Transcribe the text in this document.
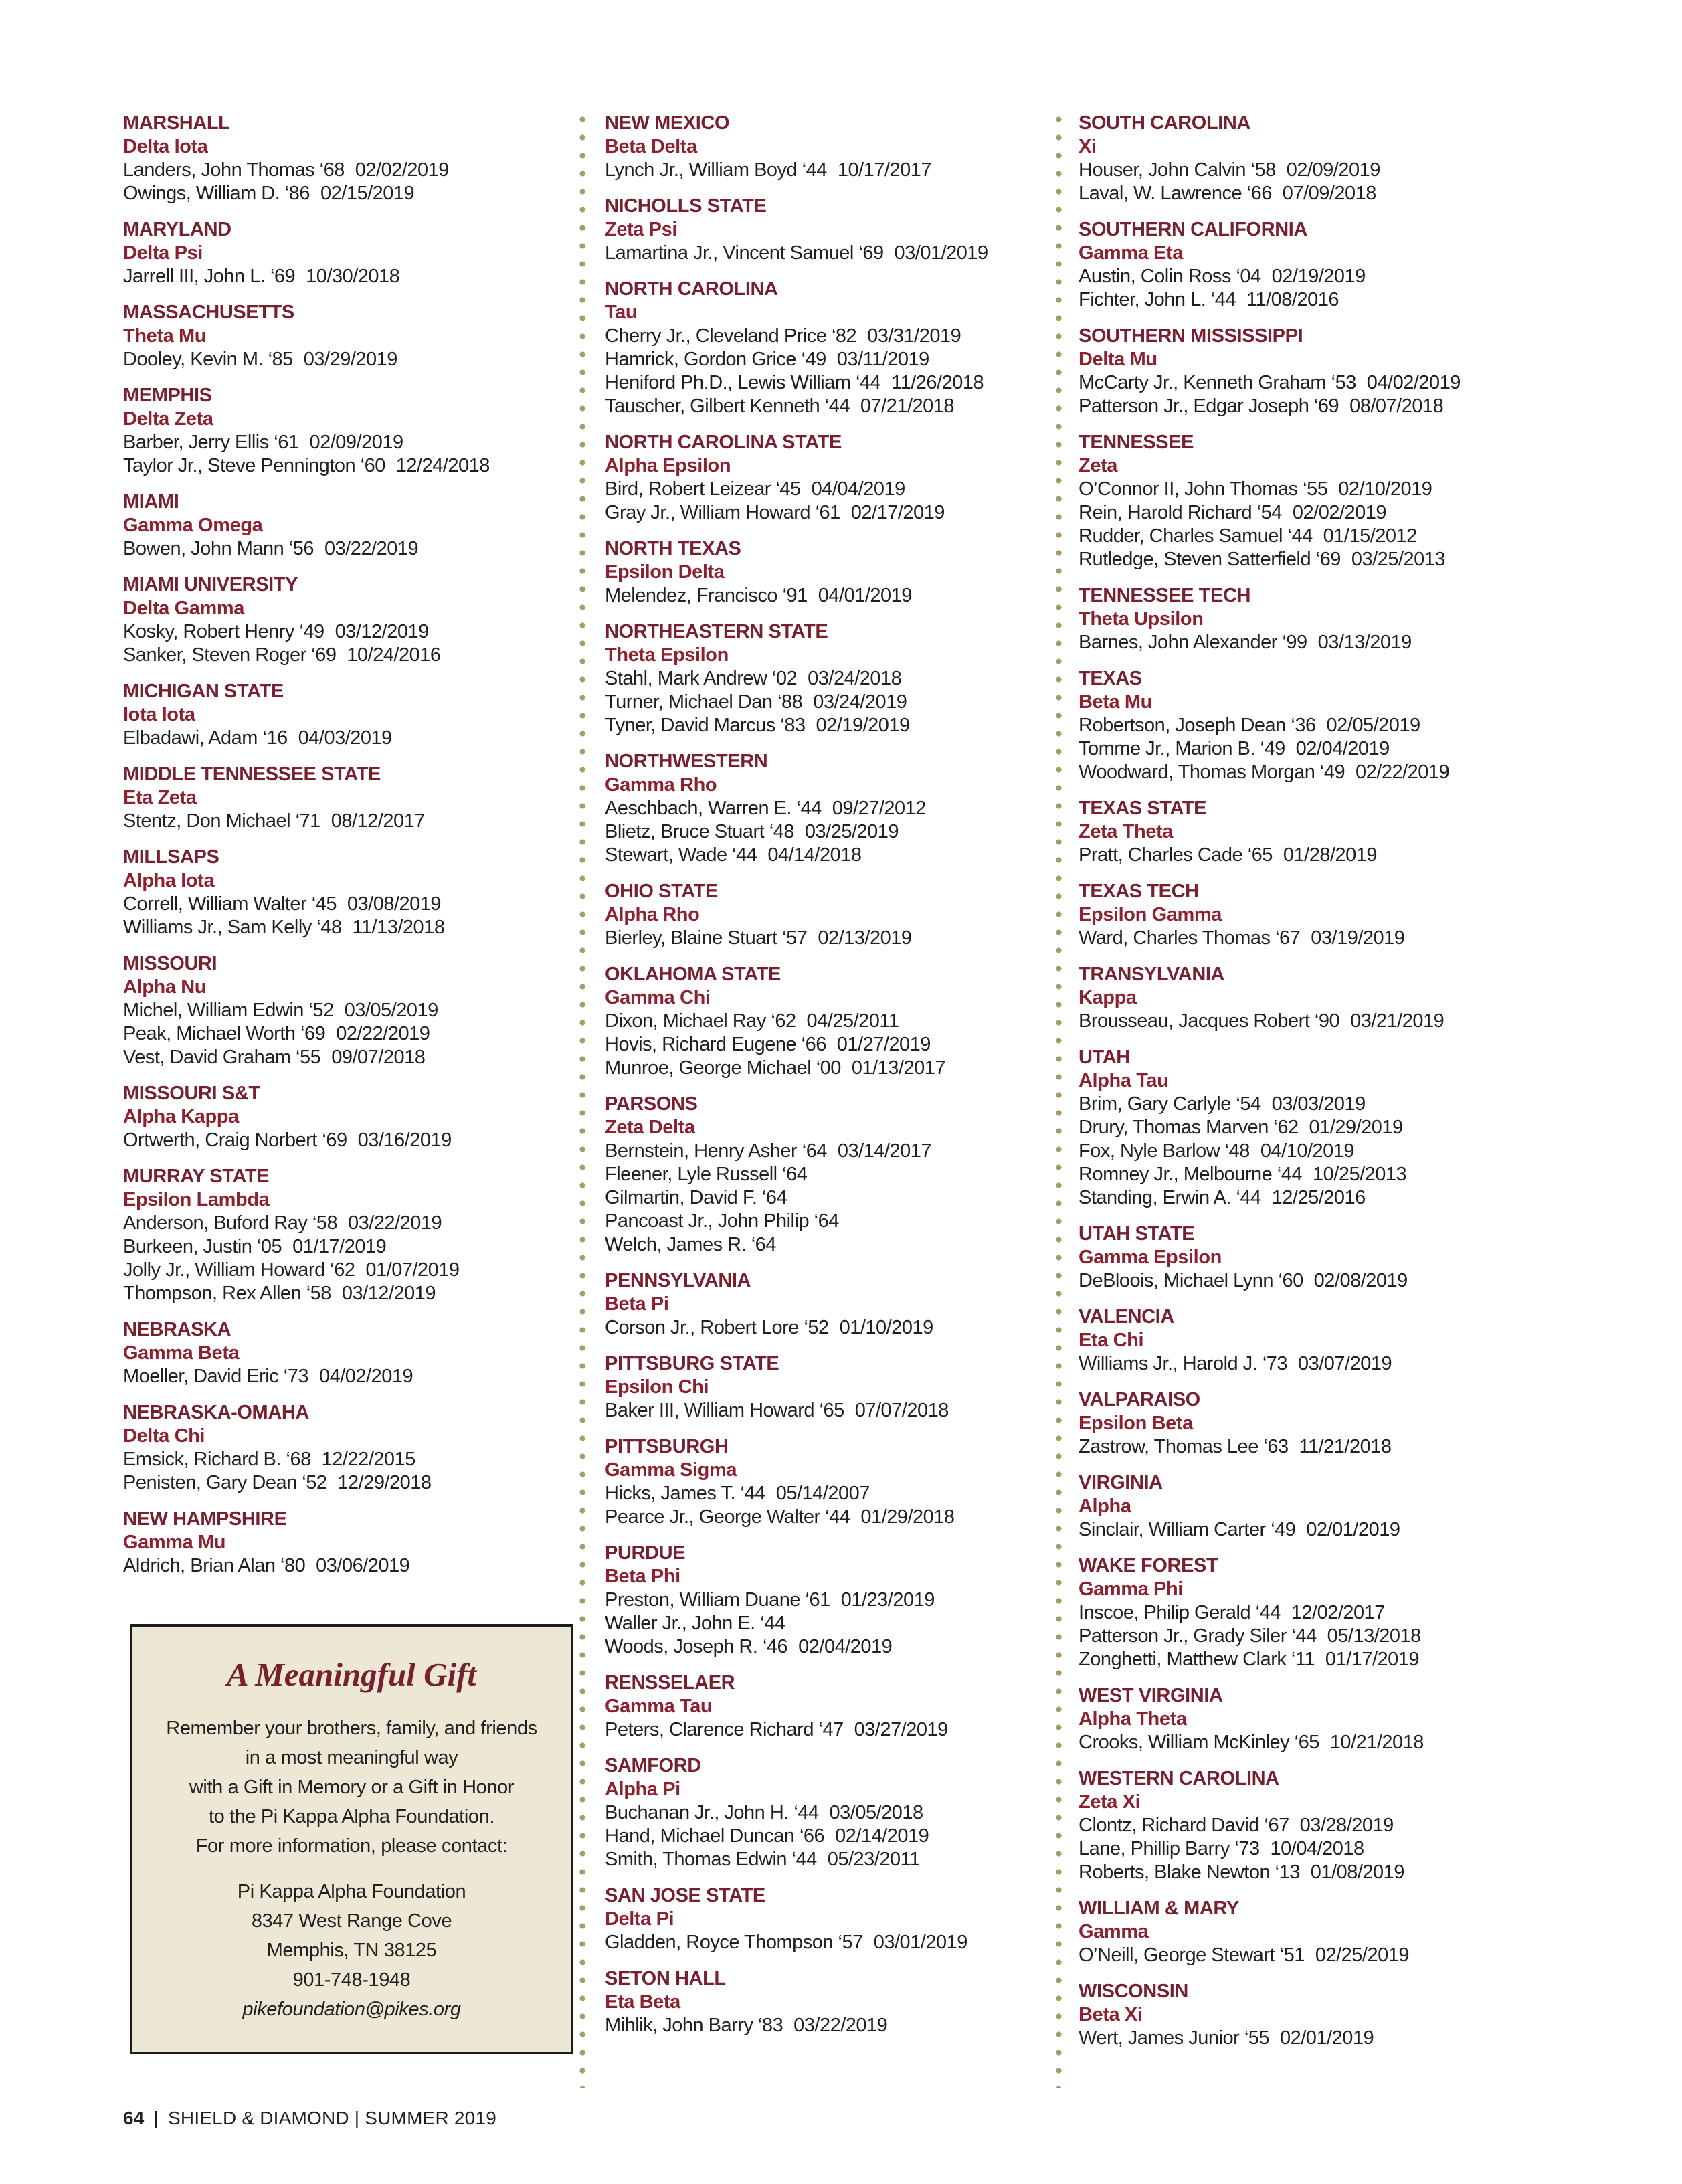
MARSHALL
Delta Iota
Landers, John Thomas ‘68 02/02/2019
Owings, William D. ‘86 02/15/2019
MARYLAND
Delta Psi
Jarrell III, John L. ‘69 10/30/2018
MASSACHUSETTS
Theta Mu
Dooley, Kevin M. ‘85 03/29/2019
MEMPHIS
Delta Zeta
Barber, Jerry Ellis ‘61 02/09/2019
Taylor Jr., Steve Pennington ‘60 12/24/2018
MIAMI
Gamma Omega
Bowen, John Mann ‘56 03/22/2019
MIAMI UNIVERSITY
Delta Gamma
Kosky, Robert Henry ‘49 03/12/2019
Sanker, Steven Roger ‘69 10/24/2016
MICHIGAN STATE
Iota Iota
Elbadawi, Adam ‘16 04/03/2019
MIDDLE TENNESSEE STATE
Eta Zeta
Stentz, Don Michael ‘71 08/12/2017
MILLSAPS
Alpha Iota
Correll, William Walter ‘45 03/08/2019
Williams Jr., Sam Kelly ‘48 11/13/2018
MISSOURI
Alpha Nu
Michel, William Edwin ‘52 03/05/2019
Peak, Michael Worth ‘69 02/22/2019
Vest, David Graham ‘55 09/07/2018
MISSOURI S&T
Alpha Kappa
Ortwerth, Craig Norbert ‘69 03/16/2019
MURRAY STATE
Epsilon Lambda
Anderson, Buford Ray ‘58 03/22/2019
Burkeen, Justin ‘05 01/17/2019
Jolly Jr., William Howard ‘62 01/07/2019
Thompson, Rex Allen ‘58 03/12/2019
NEBRASKA
Gamma Beta
Moeller, David Eric ‘73 04/02/2019
NEBRASKA-OMAHA
Delta Chi
Emsick, Richard B. ‘68 12/22/2015
Penisten, Gary Dean ‘52 12/29/2018
NEW HAMPSHIRE
Gamma Mu
Aldrich, Brian Alan ‘80 03/06/2019
NEW MEXICO
Beta Delta
Lynch Jr., William Boyd ‘44 10/17/2017
NICHOLLS STATE
Zeta Psi
Lamartina Jr., Vincent Samuel ‘69 03/01/2019
NORTH CAROLINA
Tau
Cherry Jr., Cleveland Price ‘82 03/31/2019
Hamrick, Gordon Grice ‘49 03/11/2019
Heniford Ph.D., Lewis William ‘44 11/26/2018
Tauscher, Gilbert Kenneth ‘44 07/21/2018
NORTH CAROLINA STATE
Alpha Epsilon
Bird, Robert Leizear ‘45 04/04/2019
Gray Jr., William Howard ‘61 02/17/2019
NORTH TEXAS
Epsilon Delta
Melendez, Francisco ‘91 04/01/2019
NORTHEASTERN STATE
Theta Epsilon
Stahl, Mark Andrew ‘02 03/24/2018
Turner, Michael Dan ‘88 03/24/2019
Tyner, David Marcus ‘83 02/19/2019
NORTHWESTERN
Gamma Rho
Aeschbach, Warren E. ‘44 09/27/2012
Blietz, Bruce Stuart ‘48 03/25/2019
Stewart, Wade ‘44 04/14/2018
OHIO STATE
Alpha Rho
Bierley, Blaine Stuart ‘57 02/13/2019
OKLAHOMA STATE
Gamma Chi
Dixon, Michael Ray ‘62 04/25/2011
Hovis, Richard Eugene ‘66 01/27/2019
Munroe, George Michael ‘00 01/13/2017
PARSONS
Zeta Delta
Bernstein, Henry Asher ‘64 03/14/2017
Fleener, Lyle Russell ‘64
Gilmartin, David F. ‘64
Pancoast Jr., John Philip ‘64
Welch, James R. ‘64
PENNSYLVANIA
Beta Pi
Corson Jr., Robert Lore ‘52 01/10/2019
PITTSBURG STATE
Epsilon Chi
Baker III, William Howard ‘65 07/07/2018
PITTSBURGH
Gamma Sigma
Hicks, James T. ‘44 05/14/2007
Pearce Jr., George Walter ‘44 01/29/2018
PURDUE
Beta Phi
Preston, William Duane ‘61 01/23/2019
Waller Jr., John E. ‘44
Woods, Joseph R. ‘46 02/04/2019
RENSSELAER
Gamma Tau
Peters, Clarence Richard ‘47 03/27/2019
SAMFORD
Alpha Pi
Buchanan Jr., John H. ‘44 03/05/2018
Hand, Michael Duncan ‘66 02/14/2019
Smith, Thomas Edwin ‘44 05/23/2011
SAN JOSE STATE
Delta Pi
Gladden, Royce Thompson ‘57 03/01/2019
SETON HALL
Eta Beta
Mihlik, John Barry ‘83 03/22/2019
SOUTH CAROLINA
Xi
Houser, John Calvin ‘58 02/09/2019
Laval, W. Lawrence ‘66 07/09/2018
SOUTHERN CALIFORNIA
Gamma Eta
Austin, Colin Ross ‘04 02/19/2019
Fichter, John L. ‘44 11/08/2016
SOUTHERN MISSISSIPPI
Delta Mu
McCarty Jr., Kenneth Graham ‘53 04/02/2019
Patterson Jr., Edgar Joseph ‘69 08/07/2018
TENNESSEE
Zeta
O’Connor II, John Thomas ‘55 02/10/2019
Rein, Harold Richard ‘54 02/02/2019
Rudder, Charles Samuel ‘44 01/15/2012
Rutledge, Steven Satterfield ‘69 03/25/2013
TENNESSEE TECH
Theta Upsilon
Barnes, John Alexander ‘99 03/13/2019
TEXAS
Beta Mu
Robertson, Joseph Dean ‘36 02/05/2019
Tomme Jr., Marion B. ‘49 02/04/2019
Woodward, Thomas Morgan ‘49 02/22/2019
TEXAS STATE
Zeta Theta
Pratt, Charles Cade ‘65 01/28/2019
TEXAS TECH
Epsilon Gamma
Ward, Charles Thomas ‘67 03/19/2019
TRANSYLVANIA
Kappa
Brousseau, Jacques Robert ‘90 03/21/2019
UTAH
Alpha Tau
Brim, Gary Carlyle ‘54 03/03/2019
Drury, Thomas Marven ‘62 01/29/2019
Fox, Nyle Barlow ‘48 04/10/2019
Romney Jr., Melbourne ‘44 10/25/2013
Standing, Erwin A. ‘44 12/25/2016
UTAH STATE
Gamma Epsilon
DeBloois, Michael Lynn ‘60 02/08/2019
VALENCIA
Eta Chi
Williams Jr., Harold J. ‘73 03/07/2019
VALPARAISO
Epsilon Beta
Zastrow, Thomas Lee ‘63 11/21/2018
VIRGINIA
Alpha
Sinclair, William Carter ‘49 02/01/2019
WAKE FOREST
Gamma Phi
Inscoe, Philip Gerald ‘44 12/02/2017
Patterson Jr., Grady Siler ‘44 05/13/2018
Zonghetti, Matthew Clark ‘11 01/17/2019
WEST VIRGINIA
Alpha Theta
Crooks, William McKinley ‘65 10/21/2018
WESTERN CAROLINA
Zeta Xi
Clontz, Richard David ‘67 03/28/2019
Lane, Phillip Barry ‘73 10/04/2018
Roberts, Blake Newton ‘13 01/08/2019
WILLIAM & MARY
Gamma
O’Neill, George Stewart ‘51 02/25/2019
WISCONSIN
Beta Xi
Wert, James Junior ‘55 02/01/2019
A Meaningful Gift
Remember your brothers, family, and friends
in a most meaningful way
with a Gift in Memory or a Gift in Honor
to the Pi Kappa Alpha Foundation.
For more information, please contact:
Pi Kappa Alpha Foundation
8347 West Range Cove
Memphis, TN 38125
901-748-1948
pikefoundation@pikes.org
64 | SHIELD & DIAMOND | SUMMER 2019
